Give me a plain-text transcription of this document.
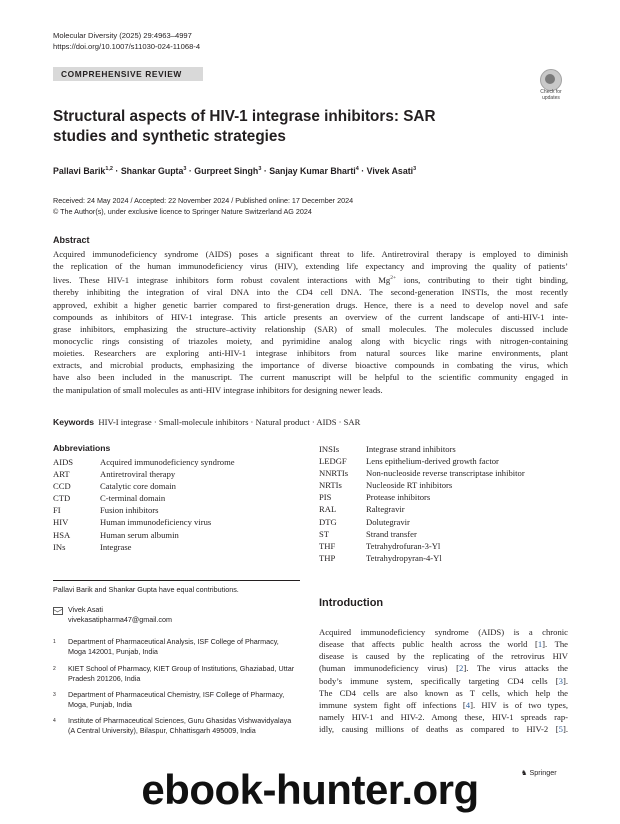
Molecular Diversity (2025) 29:4963–4997
https://doi.org/10.1007/s11030-024-11068-4
COMPREHENSIVE REVIEW
Check for
updates
Structural aspects of HIV-1 integrase inhibitors: SAR studies and synthetic strategies
Pallavi Barik$^{1,2}$ · Shankar Gupta$^3$ · Gurpreet Singh$^3$ · Sanjay Kumar Bharti$^4$ · Vivek Asati$^3$
Received: 24 May 2024 / Accepted: 22 November 2024 / Published online: 17 December 2024
© The Author(s), under exclusive licence to Springer Nature Switzerland AG 2024
Abstract
Acquired immunodeficiency syndrome (AIDS) poses a significant threat to life. Antiretroviral therapy is employed to diminish
the replication of the human immunodeficiency virus (HIV), extending life expectancy and improving the quality of patients’
lives. These HIV-1 integrase inhibitors form robust covalent interactions with $Mg^{2+}$ ions, contributing to their tight binding,
thereby inhibiting the integration of viral DNA into the CD4 cell DNA. The second-generation INSTIs, the most recently
approved, exhibit a higher genetic barrier compared to first-generation drugs. Hence, there is a need to develop novel and safe
compounds as inhibitors of HIV-1 integrase. This article presents an overview of the current landscape of anti-HIV-1 inte-
grase inhibitors, emphasizing the structure–activity relationship (SAR) of small molecules. The molecules discussed include
monocyclic rings consisting of triazoles moiety, and pyrimidine analog along with bicyclic rings with nitrogen-containing
moieties. Researchers are exploring anti-HIV-1 integrase inhibitors from natural sources like marine environments, plant
extracts, and microbial products, emphasizing the importance of diverse bioactive compounds in combating the virus, which
have also been included in the manuscript. The current manuscript will be helpful to the scientific community engaged in
the manipulation of small molecules as anti-HIV integrase inhibitors for designing newer leads.
Keywords HIV-I integrase · Small-molecule inhibitors · Natural product · AIDS · SAR
Abbreviations
AIDS	Acquired immunodeficiency syndrome
ART	Antiretroviral therapy
CCD	Catalytic core domain
CTD	C-terminal domain
FI	Fusion inhibitors
HIV	Human immunodeficiency virus
HSA	Human serum albumin
INs	Integrase
INSIs	Integrase strand inhibitors
LEDGF	Lens epithelium-derived growth factor
NNRTIs	Non-nucleoside reverse transcriptase inhibitor
NRTIs	Nucleoside RT inhibitors
PIS	Protease inhibitors
RAL	Raltegravir
DTG	Dolutegravir
ST	Strand transfer
THF	Tetrahydrofuran-3-Yl
THP	Tetrahydropyran-4-Yl
Pallavi Barik and Shankar Gupta have equal contributions.
Vivek Asati
vivekasatipharma47@gmail.com
1 Department of Pharmaceutical Analysis, ISF College of Pharmacy, Moga 142001, Punjab, India
2 KIET School of Pharmacy, KIET Group of Institutions, Ghaziabad, Uttar Pradesh 201206, India
3 Department of Pharmaceutical Chemistry, ISF College of Pharmacy, Moga, Punjab, India
4 Institute of Pharmaceutical Sciences, Guru Ghasidas Vishwavidyalaya (A Central University), Bilaspur, Chhattisgarh 495009, India
Introduction
Acquired immunodeficiency syndrome (AIDS) is a chronic
disease that affects public health across the world [1]. The
disease is caused by the replicating of the retrovirus HIV
(human immunodeficiency virus) [2]. The virus attacks the
body’s immune system, specifically targeting CD4 cells [3].
The CD4 cells are also known as T cells, which help the
immune system fight off infections [4]. HIV is of two types,
namely HIV-1 and HIV-2. Among these, HIV-1 spreads rap-
idly, causing millions of deaths as compared to HIV-2 [5].
♞ Springer
ebook-hunter.org
